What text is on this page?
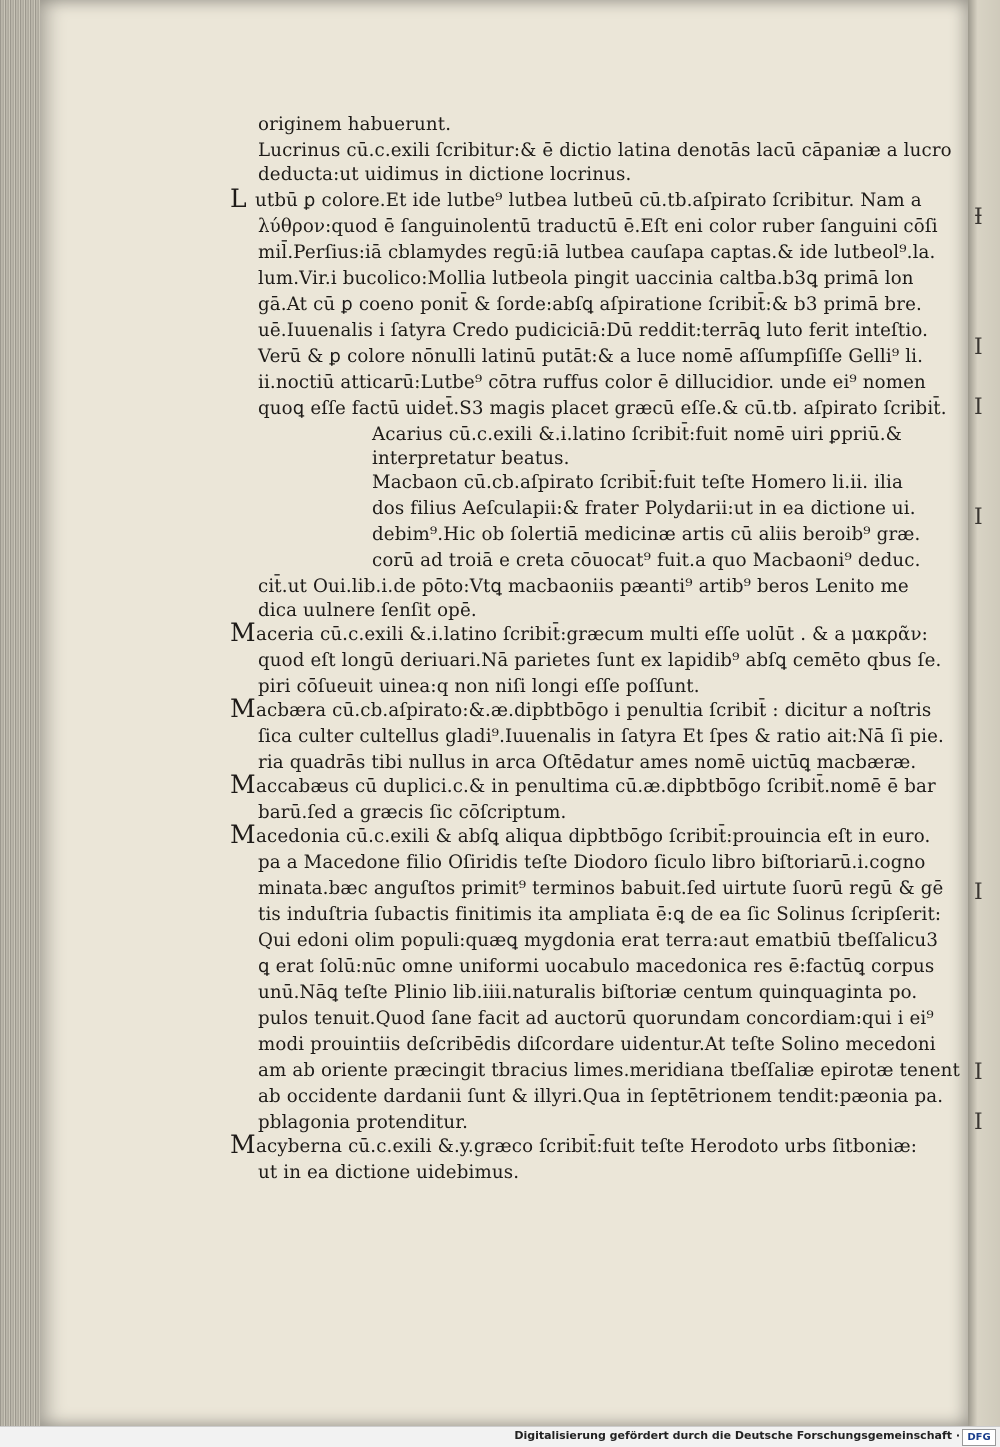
Ɨ
I
I
I
I
I
I
originem habuerunt.
Lucrinus cū.c.exili ſcribitur:& ē dictio latina denotās lacū cāpaniæ a lucro
deducta:ut uidimus in dictione locrinus.
L utbū ꝑ colore.Et ide lutbe⁹ lutbea lutbeū cū.tb.aſpirato ſcribitur. Nam a
λύθρον:quod ē ſanguinolentū traductū ē.Eſt eni color ruber ſanguini cōſi
mil̄.Perſius:iā cblamydes regū:iā lutbea cauſapa captas.& ide lutbeol⁹.la.
lum.Vir.i bucolico:Mollia lutbeola pingit uaccinia caltba.b3ꝗ primā lon
gā.At cū ꝑ coeno ponit̄ & ſorde:abſꝗ aſpiratione ſcribit̄:& b3 primā bre.
uē.Iuuenalis i ſatyra Credo pudiciciā:Dū reddit:terrāꝗ luto ferit inteſtio.
Verū & ꝑ colore nōnulli latinū putāt:& a luce nomē aſſumpſiſſe Gelli⁹ li.
ii.noctiū atticarū:Lutbe⁹ cōtra ruffus color ē dillucidior. unde ei⁹ nomen
quoꝗ eſſe factū uidet̄.S3 magis placet græcū eſſe.& cū.tb. aſpirato ſcribit̄.
Acarius cū.c.exili &.i.latino ſcribit̄:fuit nomē uiri ꝑpriū.&
interpretatur beatus.
Macbaon cū.cb.aſpirato ſcribit̄:fuit teſte Homero li.ii. ilia
dos filius Aeſculapii:& frater Polydarii:ut in ea dictione ui.
debim⁹.Hic ob ſolertiā medicinæ artis cū aliis beroib⁹ græ.
corū ad troiā e creta cōuocat⁹ fuit.a quo Macbaoni⁹ deduc.
cit̄.ut Oui.lib.i.de pōto:Vtꝗ macbaoniis pæanti⁹ artib⁹ beros Lenito me
dica uulnere ſenſit opē.
M aceria cū.c.exili &.i.latino ſcribit̄:græcum multi eſſe uolūt . & a μακρᾶν:
quod eſt longū deriuari.Nā parietes ſunt ex lapidib⁹ abſꝗ cemēto qbus ſe.
piri cōſueuit uinea:q non niſi longi eſſe poſſunt.
M acbæra cū.cb.aſpirato:&.æ.dipbtbōgo i penultia ſcribit̄ : dicitur a noſtris
ſica culter cultellus gladi⁹.Iuuenalis in ſatyra Et ſpes & ratio ait:Nā ſi pie.
ria quadrās tibi nullus in arca Oſtēdatur ames nomē uictūꝗ macbæræ.
M accabæus cū duplici.c.& in penultima cū.æ.dipbtbōgo ſcribit̄.nomē ē bar
barū.ſed a græcis ſic cōſcriptum.
M acedonia cū.c.exili & abſꝗ aliqua dipbtbōgo ſcribit̄:prouincia eſt in euro.
pa a Macedone filio Oſiridis teſte Diodoro ſiculo libro biſtoriarū.i.cogno
minata.bæc anguſtos primit⁹ terminos babuit.ſed uirtute ſuorū regū & gē
tis induſtria ſubactis finitimis ita ampliata ē:ꝗ de ea ſic Solinus ſcripſerit:
Qui edoni olim populi:quæꝗ mygdonia erat terra:aut ematbiū tbeſſalicu3
ꝗ erat ſolū:nūc omne uniformi uocabulo macedonica res ē:factūꝗ corpus
unū.Nāꝗ teſte Plinio lib.iiii.naturalis biſtoriæ centum quinquaginta po.
pulos tenuit.Quod ſane facit ad auctorū quorundam concordiam:qui i ei⁹
modi prouintiis deſcribēdis diſcordare uidentur.At teſte Solino mecedoni
am ab oriente præcingit tbracius limes.meridiana tbeſſaliæ epirotæ tenent
ab occidente dardanii ſunt & illyri.Qua in ſeptētrionem tendit:pæonia pa.
pblagonia protenditur.
M acyberna cū.c.exili &.y.græco ſcribit̄:fuit teſte Herodoto urbs ſitboniæ:
ut in ea dictione uidebimus.
Digitalisierung gefördert durch die Deutsche Forschungsgemeinschaft · DFG
